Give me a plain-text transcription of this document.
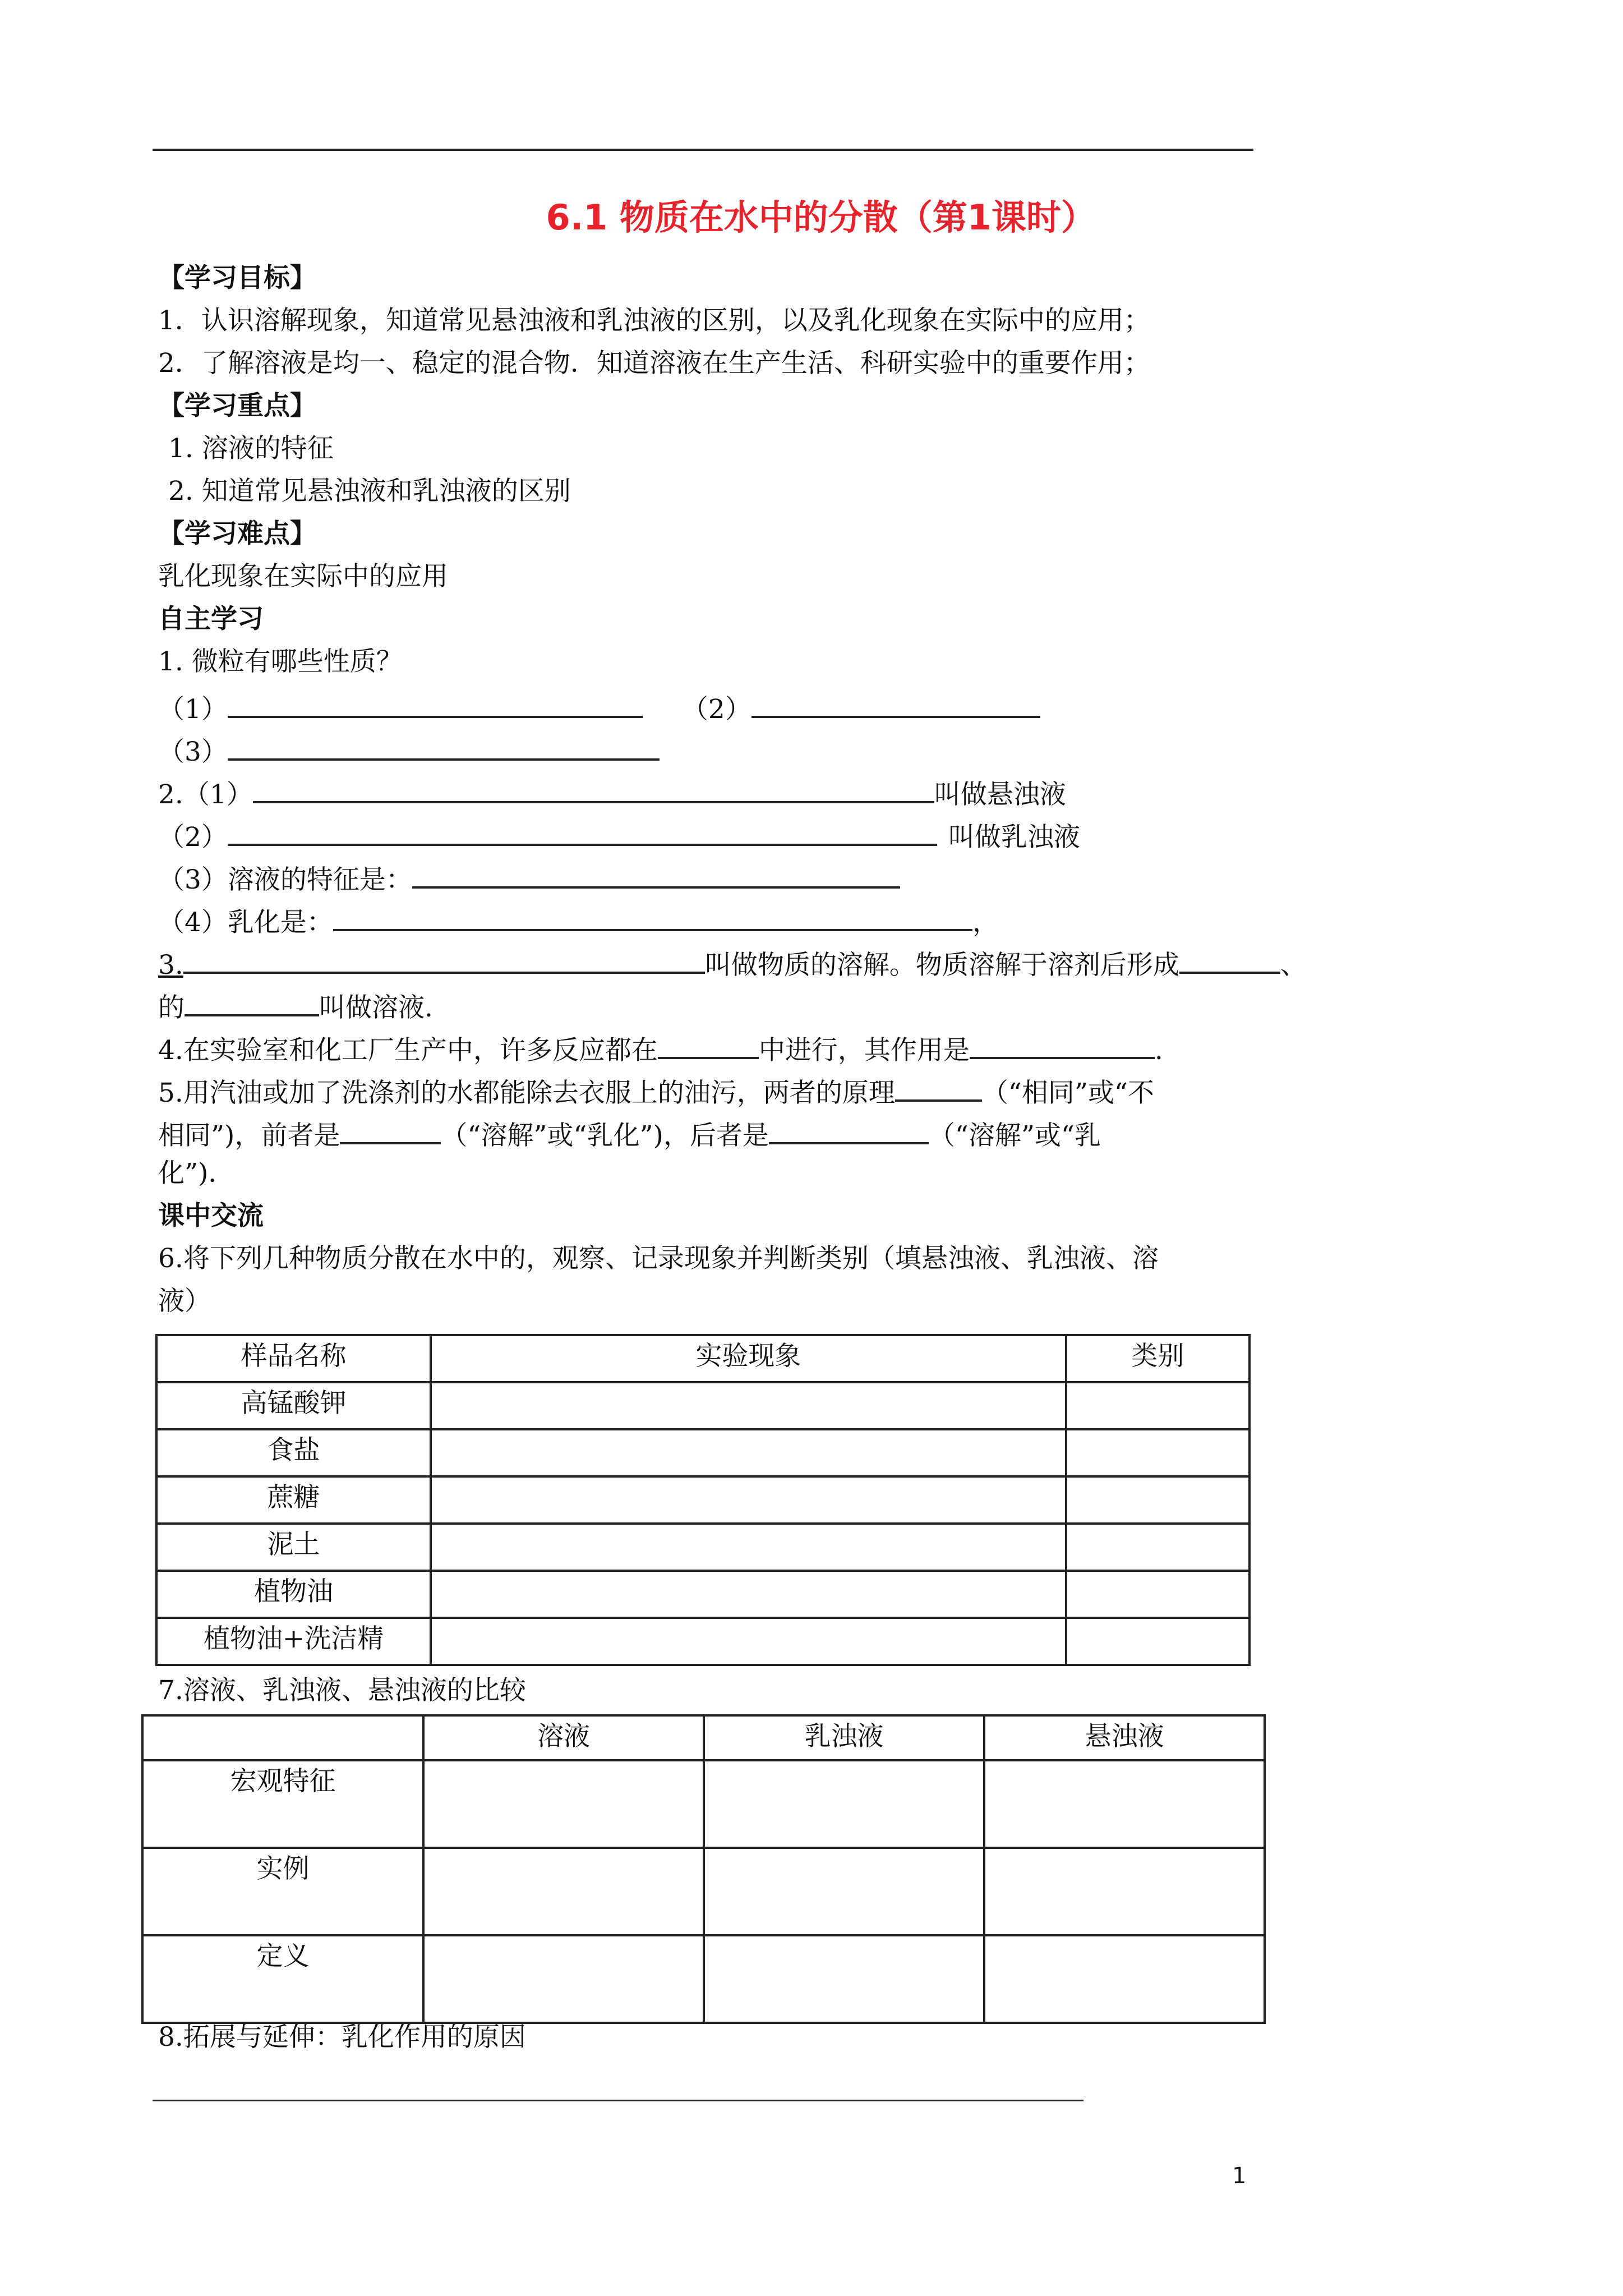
6.1 物质在水中的分散（第1课时）
【学习目标】
1．认识溶解现象，知道常见悬浊液和乳浊液的区别，以及乳化现象在实际中的应用；
2．了解溶液是均一、稳定的混合物．知道溶液在生产生活、科研实验中的重要作用；
【学习重点】
1. 溶液的特征
2. 知道常见悬浊液和乳浊液的区别
【学习难点】
乳化现象在实际中的应用
自主学习
1. 微粒有哪些性质？
（1）	（2）
（3）
2.（1）	叫做悬浊液
（2）	叫做乳浊液
（3）溶液的特征是：
（4）乳化是：	，
3.	叫做物质的溶解。物质溶解于溶剂后形成	、
的	叫做溶液.
4.在实验室和化工厂生产中，许多反应都在	中进行，其作用是	.
5.用汽油或加了洗涤剂的水都能除去衣服上的油污，两者的原理	（“相同”或“不
相同”)，前者是	（“溶解”或“乳化”)，后者是	（“溶解”或“乳
化”)．
课中交流
6.将下列几种物质分散在水中的，观察、记录现象并判断类别（填悬浊液、乳浊液、溶
液）
样品名称	实验现象	类别
高锰酸钾		
食盐		
蔗糖		
泥土		
植物油		
植物油+洗洁精		
7.溶液、乳浊液、悬浊液的比较
	溶液	乳浊液	悬浊液
宏观特征			
实例			
定义			
8.拓展与延伸：乳化作用的原因
1
